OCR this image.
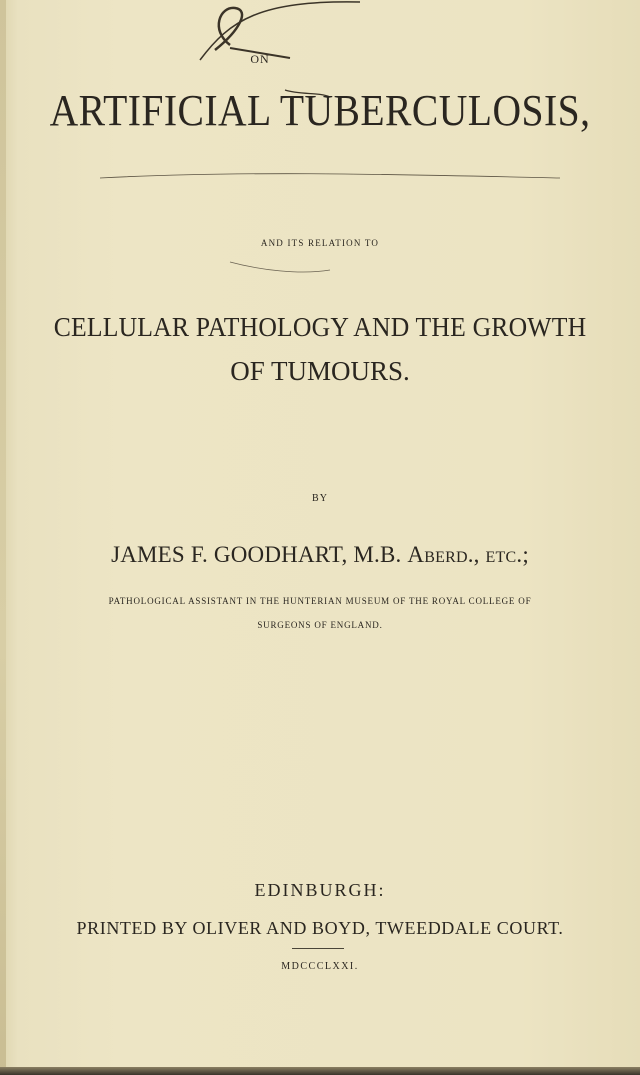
ON
ARTIFICIAL TUBERCULOSIS,
AND ITS RELATION TO
CELLULAR PATHOLOGY AND THE GROWTH
OF TUMOURS.
BY
JAMES F. GOODHART, M.B. Aberd., etc.;
PATHOLOGICAL ASSISTANT IN THE HUNTERIAN MUSEUM OF THE ROYAL COLLEGE OF
SURGEONS OF ENGLAND.
EDINBURGH:
PRINTED BY OLIVER AND BOYD, TWEEDDALE COURT.
MDCCCLXXI.
